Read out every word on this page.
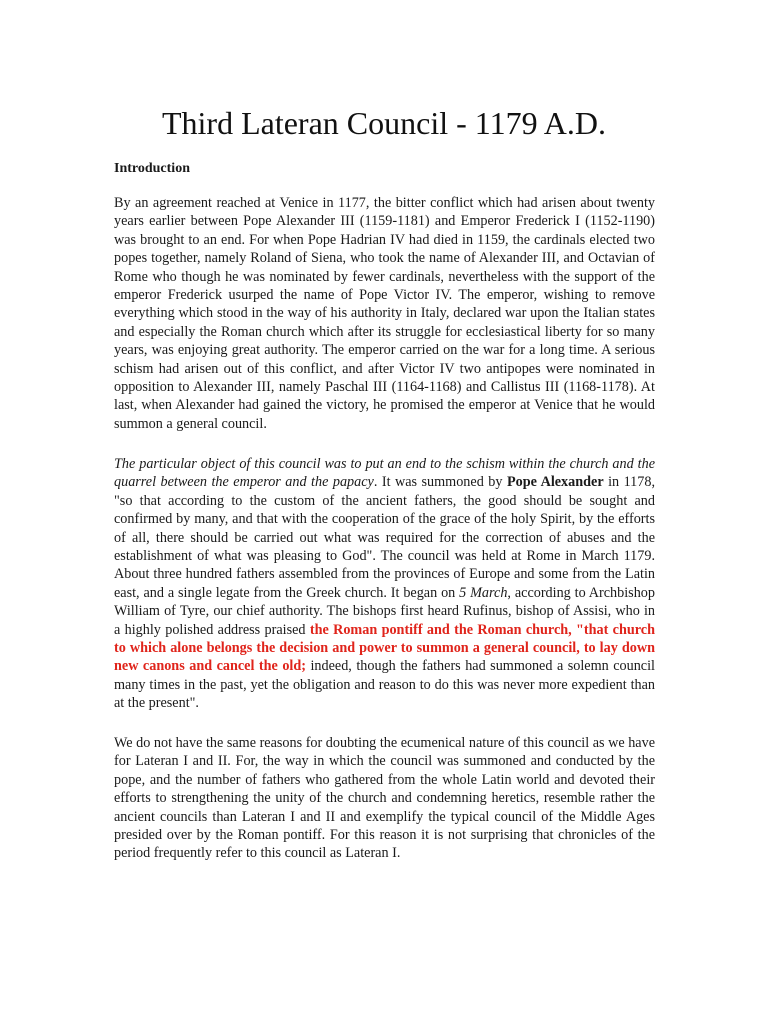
Third Lateran Council - 1179 A.D.
Introduction

By an agreement reached at Venice in 1177, the bitter conflict which had arisen about twenty years earlier between Pope Alexander III (1159-1181) and Emperor Frederick I (1152-1190) was brought to an end. For when Pope Hadrian IV had died in 1159, the cardinals elected two popes together, namely Roland of Siena, who took the name of Alexander III, and Octavian of Rome who though he was nominated by fewer cardinals, nevertheless with the support of the emperor Frederick usurped the name of Pope Victor IV. The emperor, wishing to remove everything which stood in the way of his authority in Italy, declared war upon the Italian states and especially the Roman church which after its struggle for ecclesiastical liberty for so many years, was enjoying great authority. The emperor carried on the war for a long time. A serious schism had arisen out of this conflict, and after Victor IV two antipopes were nominated in opposition to Alexander III, namely Paschal III (1164-1168) and Callistus III (1168-1178). At last, when Alexander had gained the victory, he promised the emperor at Venice that he would summon a general council.

The particular object of this council was to put an end to the schism within the church and the quarrel between the emperor and the papacy. It was summoned by Pope Alexander in 1178, "so that according to the custom of the ancient fathers, the good should be sought and confirmed by many, and that with the cooperation of the grace of the holy Spirit, by the efforts of all, there should be carried out what was required for the correction of abuses and the establishment of what was pleasing to God". The council was held at Rome in March 1179. About three hundred fathers assembled from the provinces of Europe and some from the Latin east, and a single legate from the Greek church. It began on 5 March, according to Archbishop William of Tyre, our chief authority. The bishops first heard Rufinus, bishop of Assisi, who in a highly polished address praised the Roman pontiff and the Roman church, "that church to which alone belongs the decision and power to summon a general council, to lay down new canons and cancel the old; indeed, though the fathers had summoned a solemn council many times in the past, yet the obligation and reason to do this was never more expedient than at the present".

We do not have the same reasons for doubting the ecumenical nature of this council as we have for Lateran I and II. For, the way in which the council was summoned and conducted by the pope, and the number of fathers who gathered from the whole Latin world and devoted their efforts to strengthening the unity of the church and condemning heretics, resemble rather the ancient councils than Lateran I and II and exemplify the typical council of the Middle Ages presided over by the Roman pontiff. For this reason it is not surprising that chronicles of the period frequently refer to this council as Lateran I.
